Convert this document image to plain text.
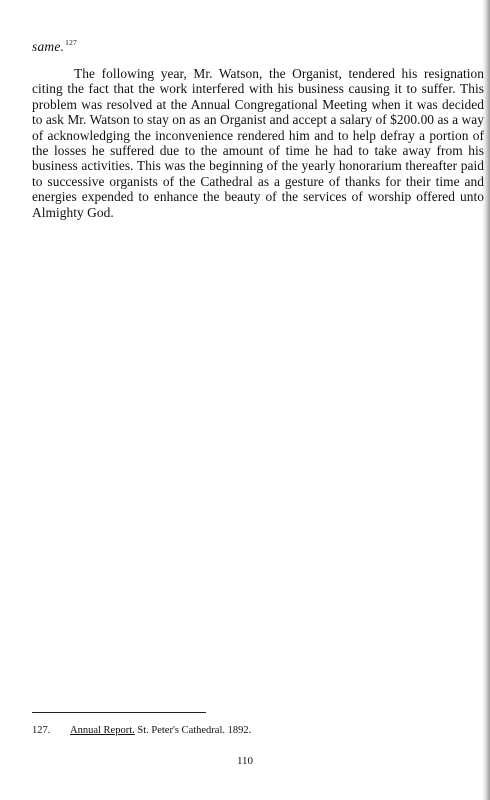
same.$^{127}$

The following year, Mr. Watson, the Organist, tendered his resignation citing the fact that the work interfered with his business causing it to suffer. This problem was resolved at the Annual Congregational Meeting when it was decided to ask Mr. Watson to stay on as an Organist and accept a salary of $200.00 as a way of acknowledging the inconvenience rendered him and to help defray a portion of the losses he suffered due to the amount of time he had to take away from his business activities. This was the beginning of the yearly honorarium thereafter paid to successive organists of the Cathedral as a gesture of thanks for their time and energies expended to enhance the beauty of the services of worship offered unto Almighty God.

127. Annual Report. St. Peter's Cathedral. 1892.
110
